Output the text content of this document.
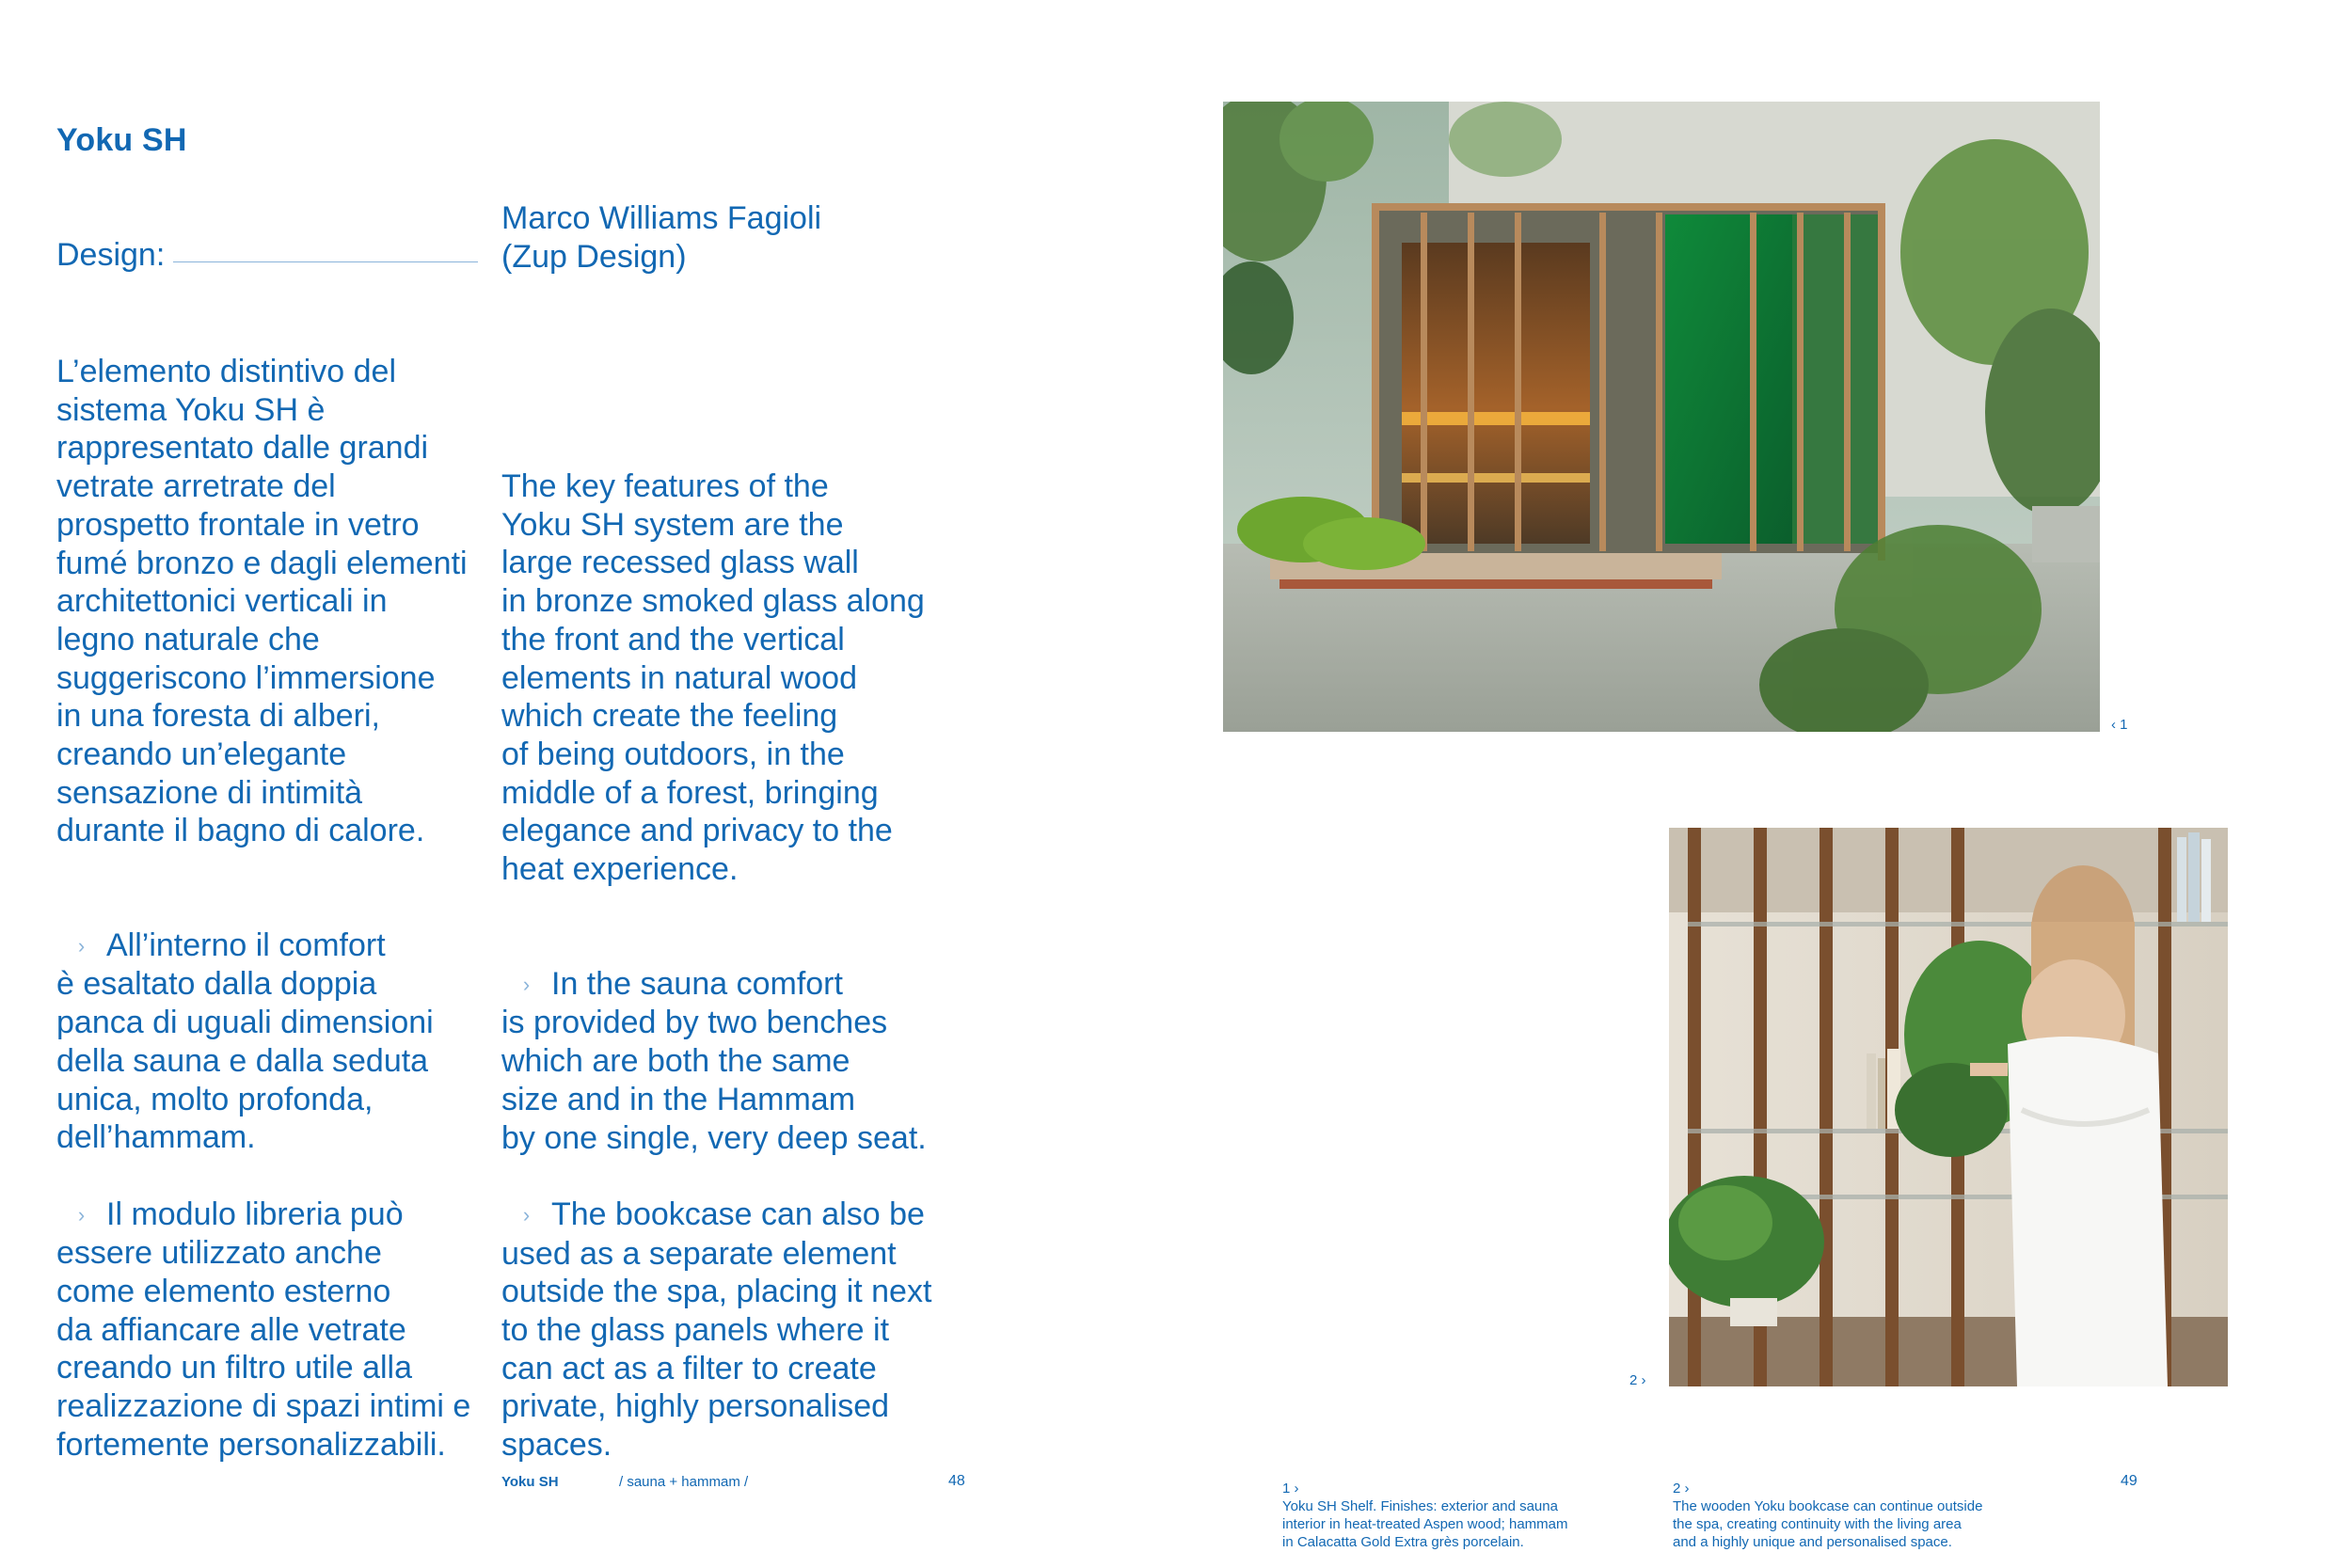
Yoku SH
Design:
Marco Williams Fagioli
(Zup Design)
L’elemento distintivo del
sistema Yoku SH è
rappresentato dalle grandi
vetrate arretrate del
prospetto frontale in vetro
fumé bronzo e dagli elementi
architettonici verticali in
legno naturale che
suggeriscono l’immersione
in una foresta di alberi,
creando un’elegante
sensazione di intimità
durante il bagno di calore.

› All’interno il comfort
è esaltato dalla doppia
panca di uguali dimensioni
della sauna e dalla seduta
unica, molto profonda,
dell’hammam.

› Il modulo libreria può
essere utilizzato anche
come elemento esterno
da affiancare alle vetrate
creando un filtro utile alla
realizzazione di spazi intimi e
fortemente personalizzabili.

The key features of the
Yoku SH system are the
large recessed glass wall
in bronze smoked glass along
the front and the vertical
elements in natural wood
which create the feeling
of being outdoors, in the
middle of a forest, bringing
elegance and privacy to the
heat experience.

› In the sauna comfort
is provided by two benches
which are both the same
size and in the Hammam
by one single, very deep seat.

› The bookcase can also be
used as a separate element
outside the spa, placing it next
to the glass panels where it
can act as a filter to create
private, highly personalised
spaces.

‹ 1
2 ›
Yoku SH	/ sauna + hammam /	48	1 ›
Yoku SH Shelf. Finishes: exterior and sauna
interior in heat-treated Aspen wood; hammam
in Calacatta Gold Extra grès porcelain.
2 ›
The wooden Yoku bookcase can continue outside
the spa, creating continuity with the living area
and a highly unique and personalised space.
49
